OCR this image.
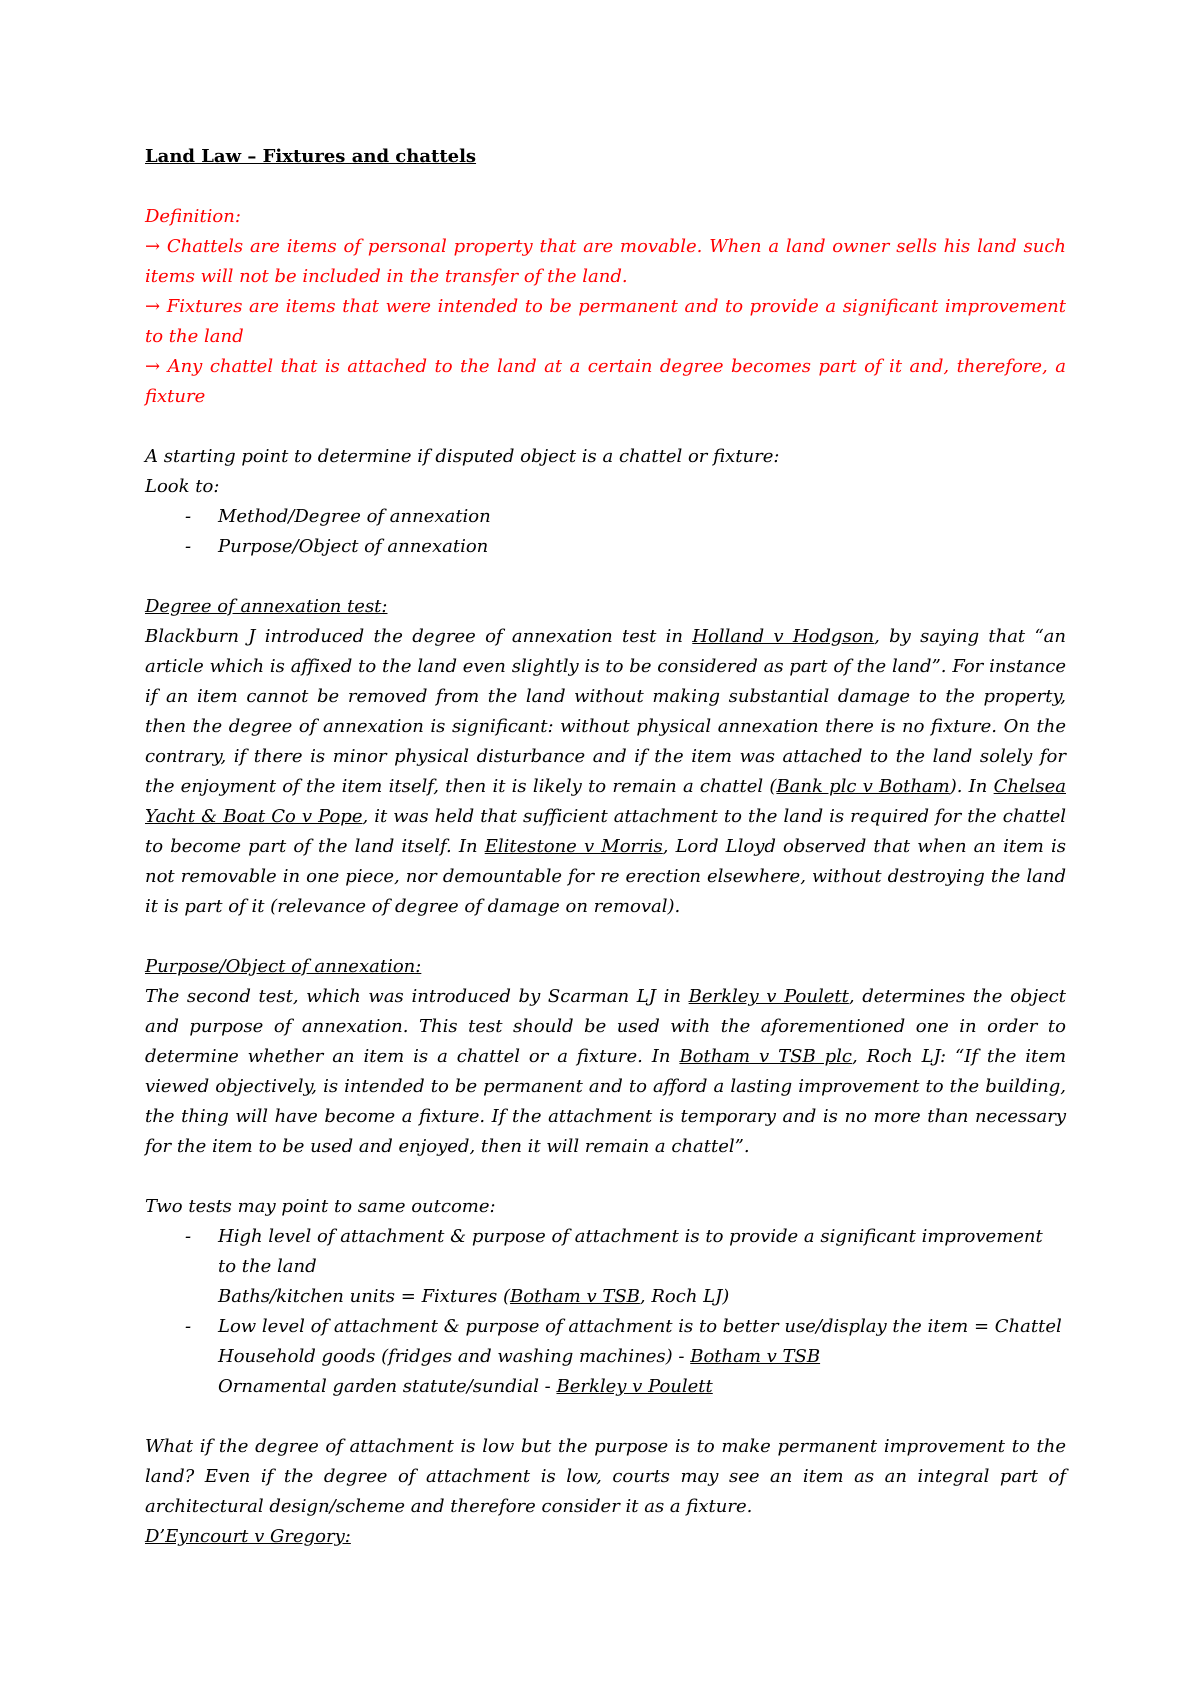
Land Law – Fixtures and chattels

Definition:

→ Chattels are items of personal property that are movable. When a land owner sells his land such items will not be included in the transfer of the land.

→ Fixtures are items that were intended to be permanent and to provide a significant improvement to the land

→ Any chattel that is attached to the land at a certain degree becomes part of it and, therefore, a fixture

A starting point to determine if disputed object is a chattel or fixture:

Look to:

- Method/Degree of annexation
- Purpose/Object of annexation

Degree of annexation test:

Blackburn J introduced the degree of annexation test in Holland v Hodgson, by saying that “an article which is affixed to the land even slightly is to be considered as part of the land”. For instance if an item cannot be removed from the land without making substantial damage to the property, then the degree of annexation is significant: without physical annexation there is no fixture. On the contrary, if there is minor physical disturbance and if the item was attached to the land solely for the enjoyment of the item itself, then it is likely to remain a chattel (Bank plc v Botham). In Chelsea Yacht & Boat Co v Pope, it was held that sufficient attachment to the land is required for the chattel to become part of the land itself. In Elitestone v Morris, Lord Lloyd observed that when an item is not removable in one piece, nor demountable for re erection elsewhere, without destroying the land it is part of it (relevance of degree of damage on removal).

Purpose/Object of annexation:

The second test, which was introduced by Scarman LJ in Berkley v Poulett, determines the object and purpose of annexation. This test should be used with the aforementioned one in order to determine whether an item is a chattel or a fixture. In Botham v TSB plc, Roch LJ: “If the item viewed objectively, is intended to be permanent and to afford a lasting improvement to the building, the thing will have become a fixture. If the attachment is temporary and is no more than necessary for the item to be used and enjoyed, then it will remain a chattel”.

Two tests may point to same outcome:

- High level of attachment & purpose of attachment is to provide a significant improvement to the land
Baths/kitchen units = Fixtures (Botham v TSB, Roch LJ)
- Low level of attachment & purpose of attachment is to better use/display the item = Chattel
Household goods (fridges and washing machines) - Botham v TSB
Ornamental garden statute/sundial - Berkley v Poulett

What if the degree of attachment is low but the purpose is to make permanent improvement to the land? Even if the degree of attachment is low, courts may see an item as an integral part of architectural design/scheme and therefore consider it as a fixture.

D’Eyncourt v Gregory:
